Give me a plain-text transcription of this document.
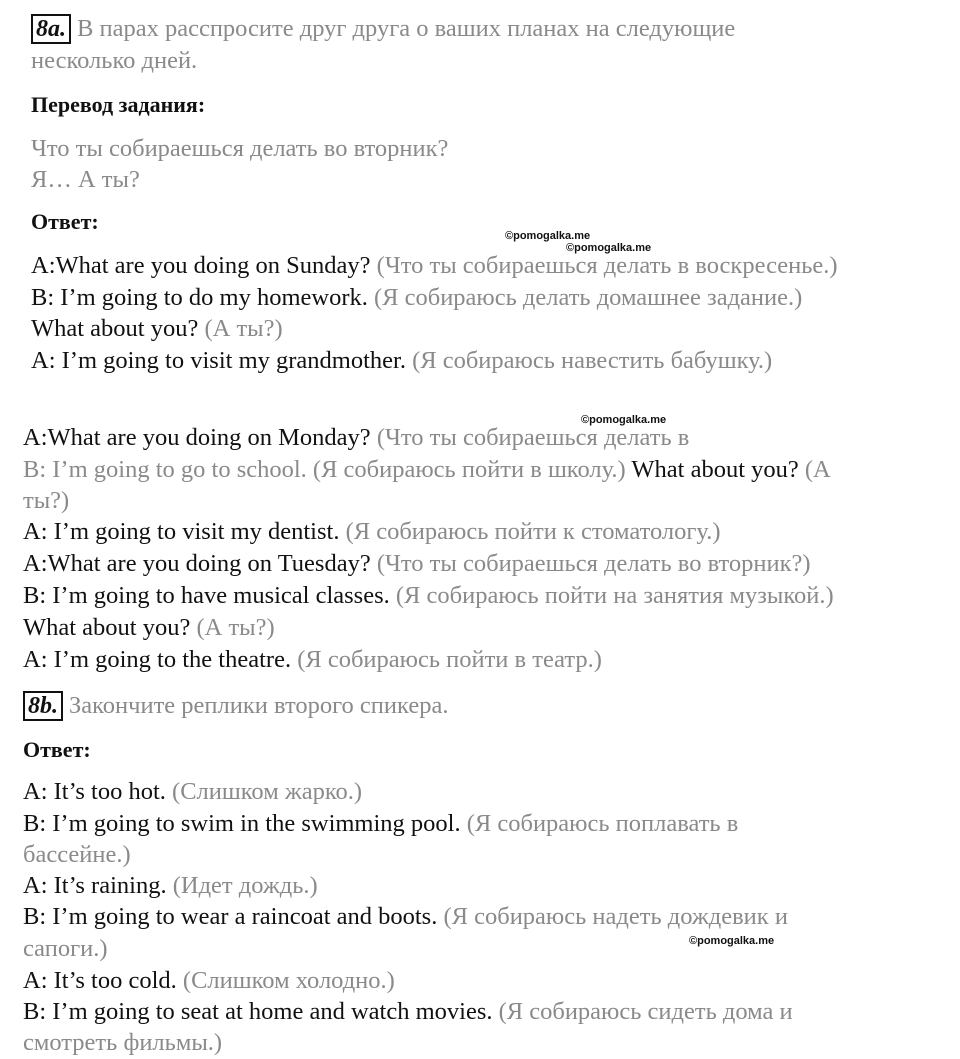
8a. В парах расспросите друг друга о ваших планах на следующие
несколько дней.
Перевод задания:
Что ты собираешься делать во вторник?
Я… А ты?
Ответ:
©pomogalka.me
©pomogalka.me
A:What are you doing on Sunday? (Что ты собираешься делать в воскресенье.)
B: I’m going to do my homework. (Я собираюсь делать домашнее задание.)
What about you? (А ты?)
A: I’m going to visit my grandmother. (Я собираюсь навестить бабушку.)
©pomogalka.me
A:What are you doing on Monday? (Что ты собираешься делать в
B: I’m going to go to school. (Я собираюсь пойти в школу.) What about you? (А
ты?)
A: I’m going to visit my dentist. (Я собираюсь пойти к стоматологу.)
A:What are you doing on Tuesday? (Что ты собираешься делать во вторник?)
B: I’m going to have musical classes. (Я собираюсь пойти на занятия музыкой.)
What about you? (А ты?)
A: I’m going to the theatre. (Я собираюсь пойти в театр.)
8b. Закончите реплики второго спикера.
Ответ:
A: It’s too hot. (Слишком жарко.)
B: I’m going to swim in the swimming pool. (Я собираюсь поплавать в
бассейне.)
A: It’s raining. (Идет дождь.)
B: I’m going to wear a raincoat and boots. (Я собираюсь надеть дождевик и
сапоги.)	©pomogalka.me
A: It’s too cold. (Слишком холодно.)
B: I’m going to seat at home and watch movies. (Я собираюсь сидеть дома и
смотреть фильмы.)
